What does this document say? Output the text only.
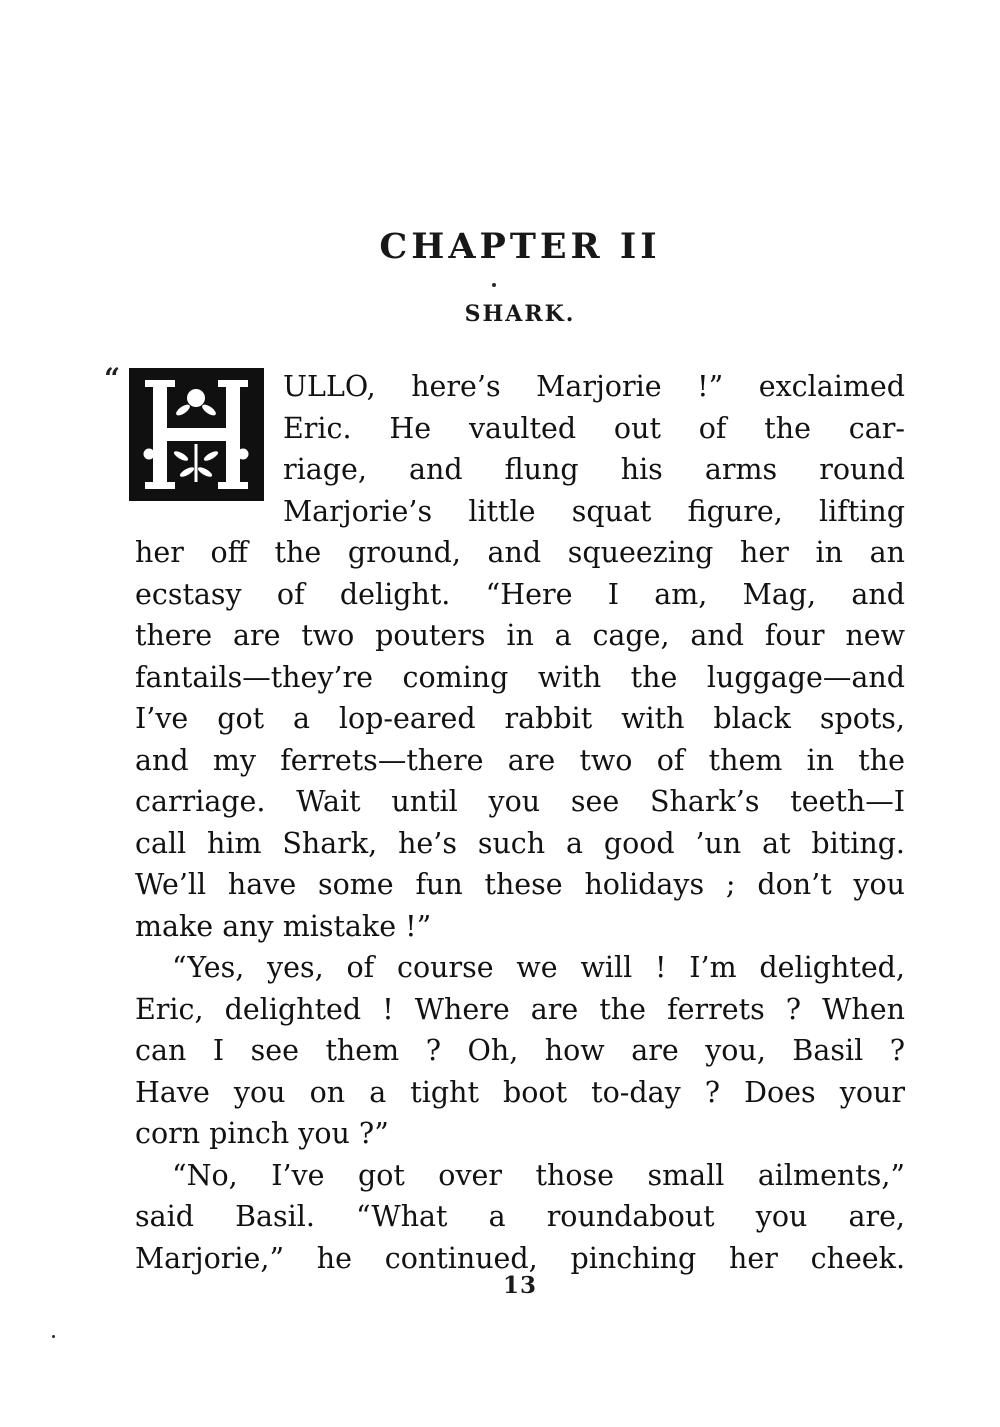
CHAPTER II
SHARK.
“	ULLO, here’s Marjorie !” exclaimed
Eric. He vaulted out of the car-
riage, and flung his arms round
Marjorie’s little squat figure, lifting
her off the ground, and squeezing her in an
ecstasy of delight. “Here I am, Mag, and
there are two pouters in a cage, and four new
fantails—they’re coming with the luggage—and
I’ve got a lop-eared rabbit with black spots,
and my ferrets—there are two of them in the
carriage. Wait until you see Shark’s teeth—I
call him Shark, he’s such a good ’un at biting.
We’ll have some fun these holidays ; don’t you
make any mistake !”
“Yes, yes, of course we will ! I’m delighted,
Eric, delighted ! Where are the ferrets ? When
can I see them ? Oh, how are you, Basil ?
Have you on a tight boot to-day ? Does your
corn pinch you ?”
“No, I’ve got over those small ailments,”
said Basil. “What a roundabout you are,
Marjorie,” he continued, pinching her cheek.
13
